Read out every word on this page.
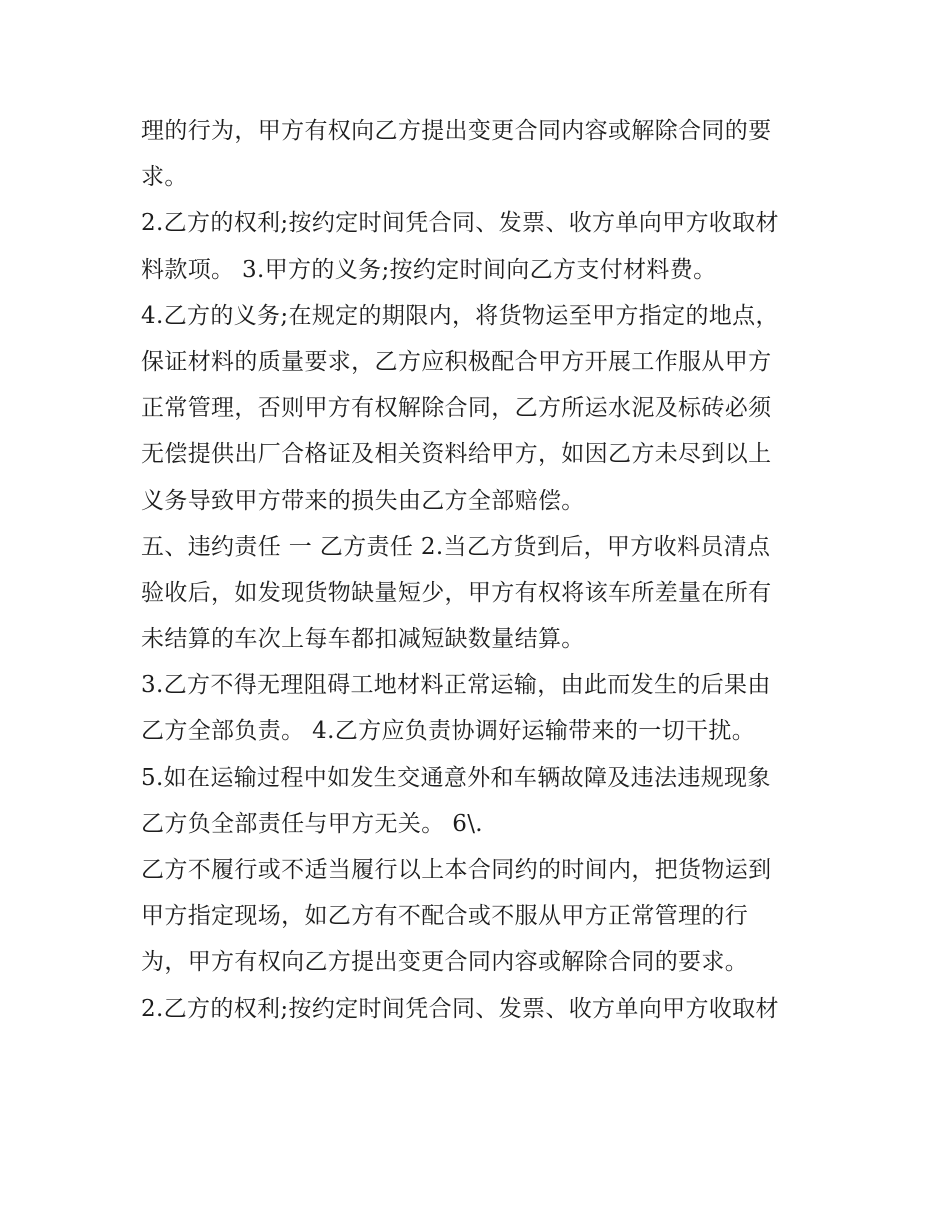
理的行为，甲方有权向乙方提出变更合同内容或解除合同的要
求。
2.乙方的权利;按约定时间凭合同、发票、收方单向甲方收取材
料款项。 3.甲方的义务;按约定时间向乙方支付材料费。
4.乙方的义务;在规定的期限内，将货物运至甲方指定的地点，
保证材料的质量要求，乙方应积极配合甲方开展工作服从甲方
正常管理，否则甲方有权解除合同，乙方所运水泥及标砖必须
无偿提供出厂合格证及相关资料给甲方，如因乙方未尽到以上
义务导致甲方带来的损失由乙方全部赔偿。
五、违约责任 一 乙方责任 2.当乙方货到后，甲方收料员清点
验收后，如发现货物缺量短少，甲方有权将该车所差量在所有
未结算的车次上每车都扣减短缺数量结算。
3.乙方不得无理阻碍工地材料正常运输，由此而发生的后果由
乙方全部负责。 4.乙方应负责协调好运输带来的一切干扰。
5.如在运输过程中如发生交通意外和车辆故障及违法违规现象
乙方负全部责任与甲方无关。 6\.
乙方不履行或不适当履行以上本合同约的时间内，把货物运到
甲方指定现场，如乙方有不配合或不服从甲方正常管理的行
为，甲方有权向乙方提出变更合同内容或解除合同的要求。
2.乙方的权利;按约定时间凭合同、发票、收方单向甲方收取材
